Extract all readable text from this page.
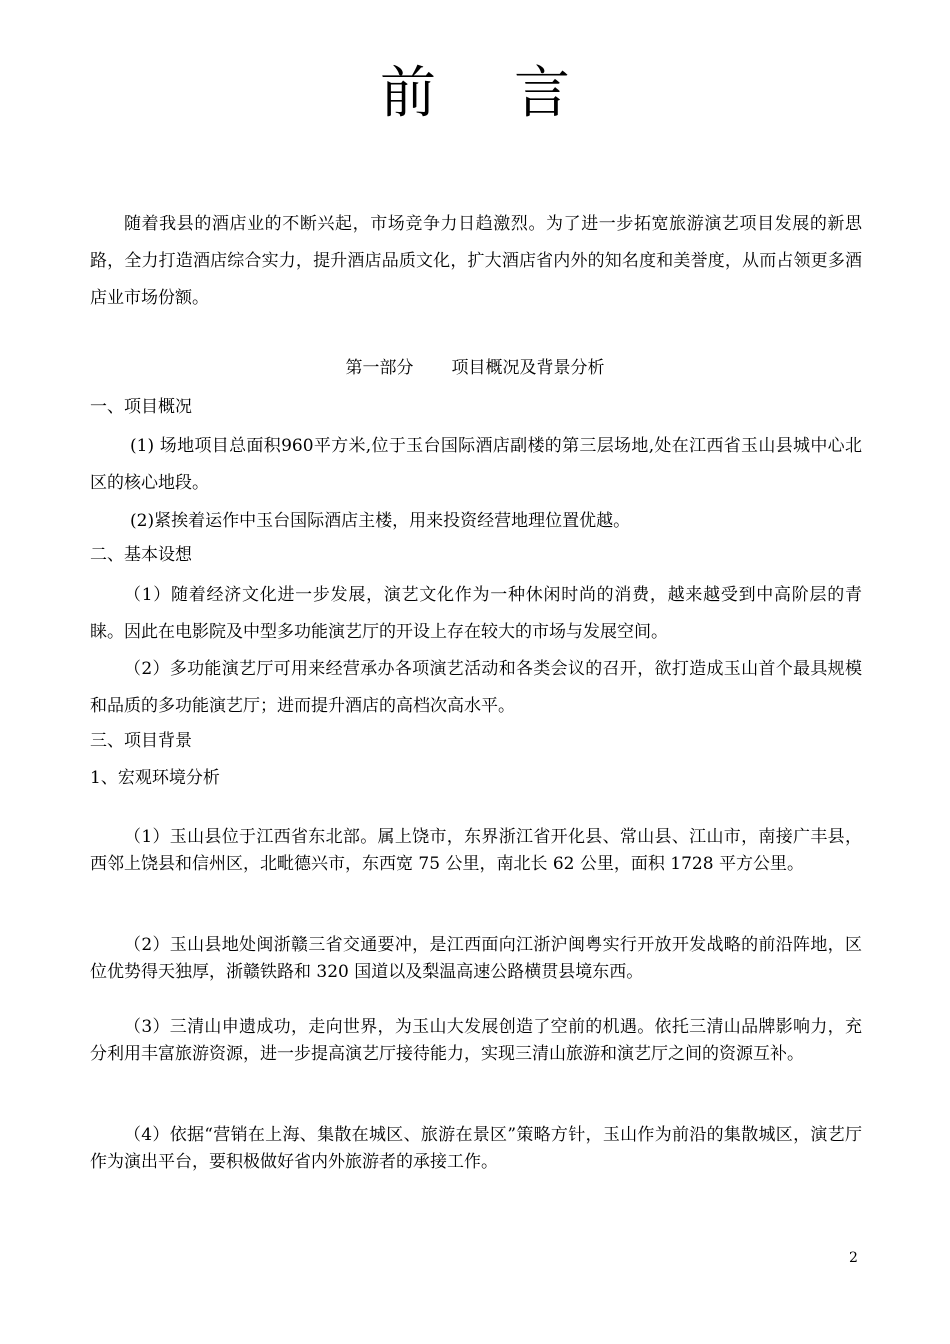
前 言

随着我县的酒店业的不断兴起，市场竞争力日趋激烈。为了进一步拓宽旅游演艺项目发展的新思路，全力打造酒店综合实力，提升酒店品质文化，扩大酒店省内外的知名度和美誉度，从而占领更多酒店业市场份额。

第一部分 项目概况及背景分析

一、项目概况

(1) 场地项目总面积960平方米,位于玉台国际酒店副楼的第三层场地,处在江西省玉山县城中心北区的核心地段。

(2)紧挨着运作中玉台国际酒店主楼，用来投资经营地理位置优越。

二、基本设想

（1）随着经济文化进一步发展，演艺文化作为一种休闲时尚的消费，越来越受到中高阶层的青睐。因此在电影院及中型多功能演艺厅的开设上存在较大的市场与发展空间。

（2）多功能演艺厅可用来经营承办各项演艺活动和各类会议的召开，欲打造成玉山首个最具规模和品质的多功能演艺厅；进而提升酒店的高档次高水平。

三、项目背景

1、宏观环境分析

（1）玉山县位于江西省东北部。属上饶市，东界浙江省开化县、常山县、江山市，南接广丰县，西邻上饶县和信州区，北毗德兴市，东西宽 75 公里，南北长 62 公里，面积 1728 平方公里。

（2）玉山县地处闽浙赣三省交通要冲，是江西面向江浙沪闽粤实行开放开发战略的前沿阵地，区位优势得天独厚，浙赣铁路和 320 国道以及梨温高速公路横贯县境东西。

（3）三清山申遗成功，走向世界，为玉山大发展创造了空前的机遇。依托三清山品牌影响力，充分利用丰富旅游资源，进一步提高演艺厅接待能力，实现三清山旅游和演艺厅之间的资源互补。

（4）依据“营销在上海、集散在城区、旅游在景区”策略方针，玉山作为前沿的集散城区，演艺厅作为演出平台，要积极做好省内外旅游者的承接工作。

2
